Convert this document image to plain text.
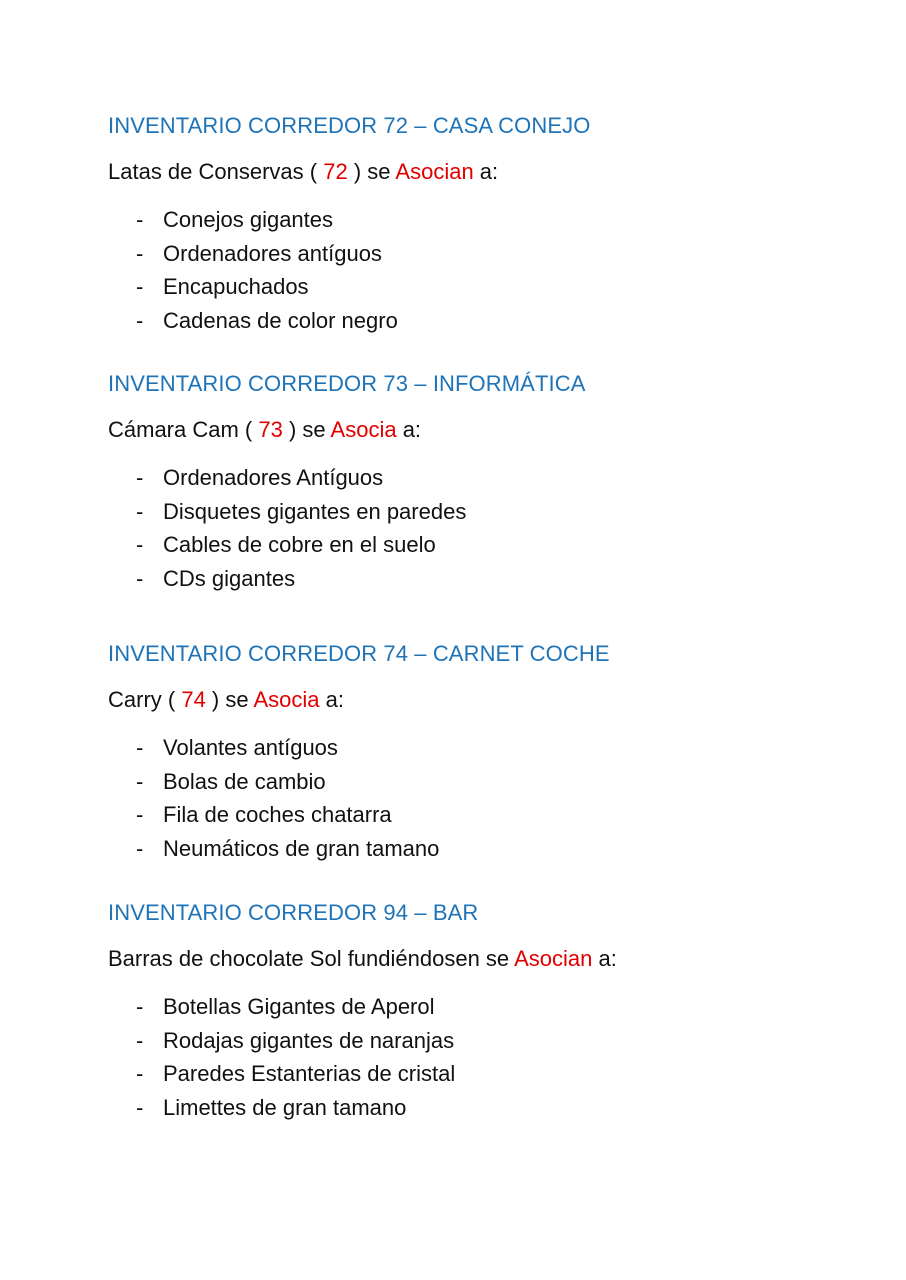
INVENTARIO CORREDOR 72 – CASA CONEJO
Latas de Conservas ( 72 ) se Asocian a:
- Conejos gigantes
- Ordenadores antíguos
- Encapuchados
- Cadenas de color negro
INVENTARIO CORREDOR 73 – INFORMÁTICA
Cámara Cam ( 73 ) se Asocia a:
- Ordenadores Antíguos
- Disquetes gigantes en paredes
- Cables de cobre en el suelo
- CDs gigantes
INVENTARIO CORREDOR 74 – CARNET COCHE
Carry ( 74 ) se Asocia a:
- Volantes antíguos
- Bolas de cambio
- Fila de coches chatarra
- Neumáticos de gran tamano
INVENTARIO CORREDOR 94 – BAR
Barras de chocolate Sol fundiéndosen se Asocian a:
- Botellas Gigantes de Aperol
- Rodajas gigantes de naranjas
- Paredes Estanterias de cristal
- Limettes de gran tamano
